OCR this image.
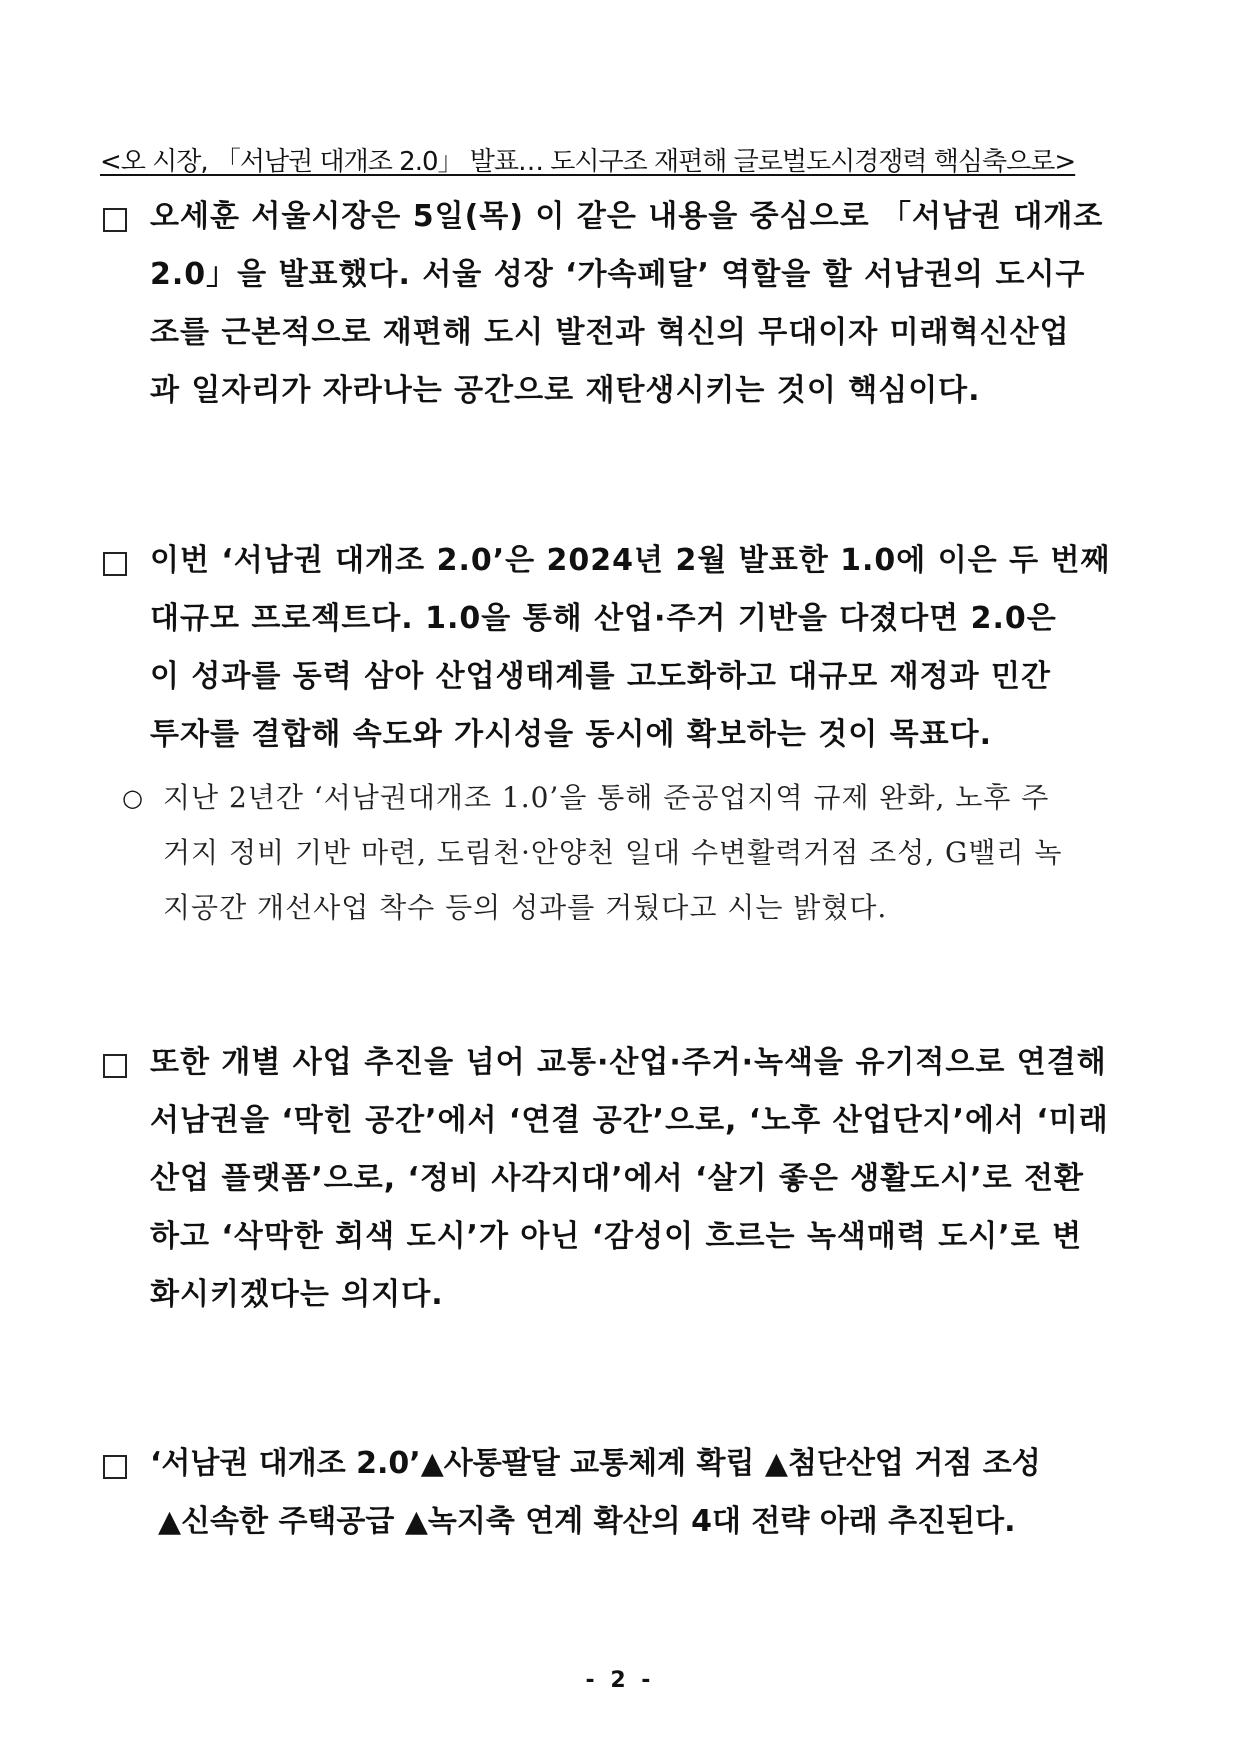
<오 시장, 「서남권 대개조 2.0」 발표… 도시구조 재편해 글로벌도시경쟁력 핵심축으로>
오세훈 서울시장은 5일(목) 이 같은 내용을 중심으로 「서남권 대개조
2.0」을 발표했다. 서울 성장 ‘가속페달’ 역할을 할 서남권의 도시구
조를 근본적으로 재편해 도시 발전과 혁신의 무대이자 미래혁신산업
과 일자리가 자라나는 공간으로 재탄생시키는 것이 핵심이다.
이번 ‘서남권 대개조 2.0’은 2024년 2월 발표한 1.0에 이은 두 번째
대규모 프로젝트다. 1.0을 통해 산업·주거 기반을 다졌다면 2.0은
이 성과를 동력 삼아 산업생태계를 고도화하고 대규모 재정과 민간
투자를 결합해 속도와 가시성을 동시에 확보하는 것이 목표다.
○ 지난 2년간 ‘서남권대개조 1.0’을 통해 준공업지역 규제 완화, 노후 주
거지 정비 기반 마련, 도림천·안양천 일대 수변활력거점 조성, G밸리 녹
지공간 개선사업 착수 등의 성과를 거뒀다고 시는 밝혔다.
또한 개별 사업 추진을 넘어 교통·산업·주거·녹색을 유기적으로 연결해
서남권을 ‘막힌 공간’에서 ‘연결 공간’으로, ‘노후 산업단지’에서 ‘미래
산업 플랫폼’으로, ‘정비 사각지대’에서 ‘살기 좋은 생활도시’로 전환
하고 ‘삭막한 회색 도시’가 아닌 ‘감성이 흐르는 녹색매력 도시’로 변
화시키겠다는 의지다.
‘서남권 대개조 2.0’▲사통팔달 교통체계 확립 ▲첨단산업 거점 조성
▲신속한 주택공급 ▲녹지축 연계 확산의 4대 전략 아래 추진된다.
- 2 -
